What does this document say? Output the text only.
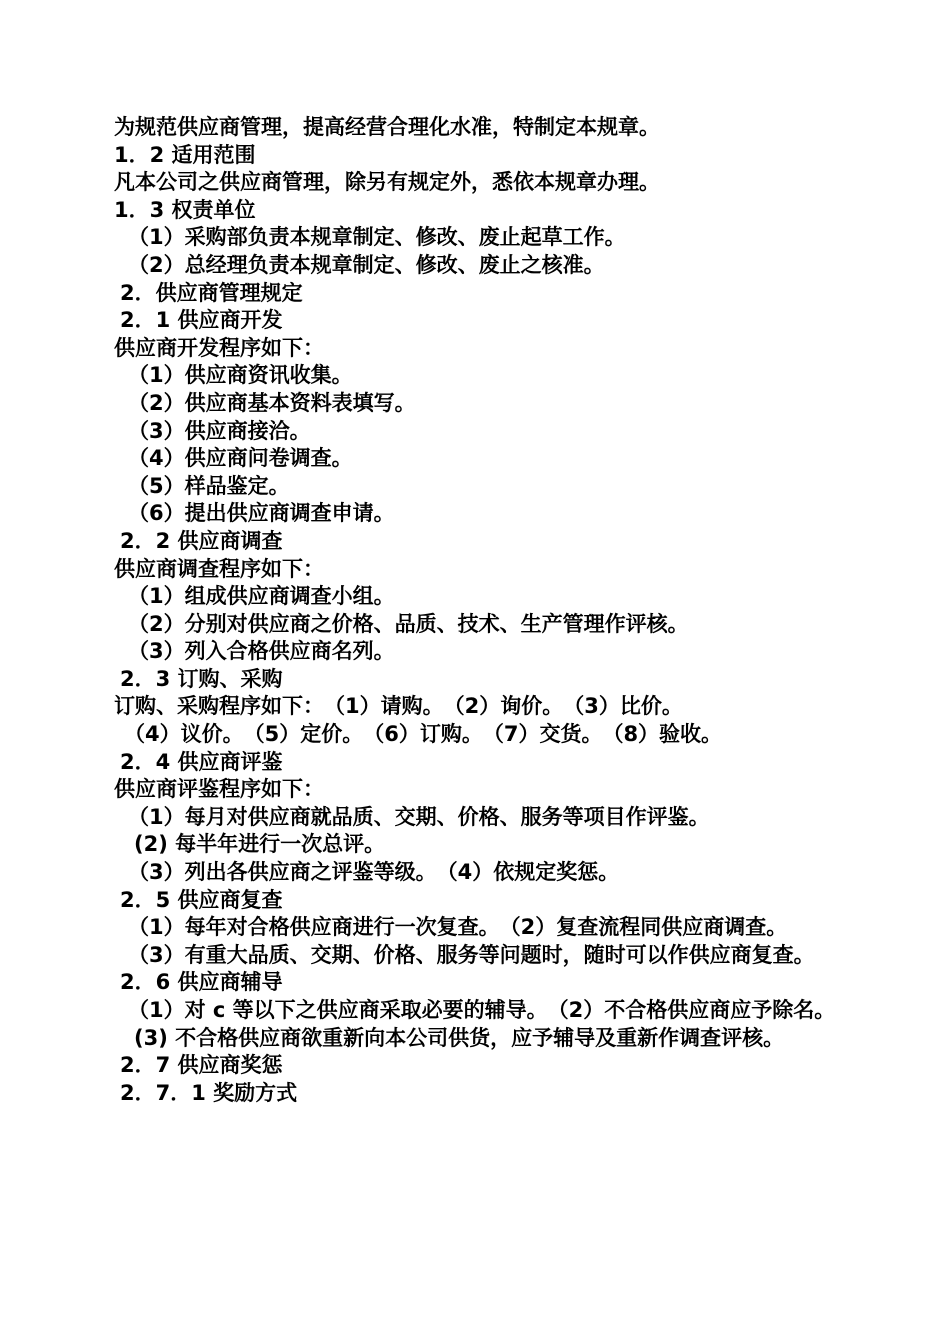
为规范供应商管理，提高经营合理化水准，特制定本规章。
1．2 适用范围
凡本公司之供应商管理，除另有规定外，悉依本规章办理。
1．3 权责单位
（1）采购部负责本规章制定、修改、废止起草工作。
（2）总经理负责本规章制定、修改、废止之核准。
2．供应商管理规定
2．1 供应商开发
供应商开发程序如下：
（1）供应商资讯收集。
（2）供应商基本资料表填写。
（3）供应商接洽。
（4）供应商问卷调查。
（5）样品鉴定。
（6）提出供应商调查申请。
2．2 供应商调查
供应商调查程序如下：
（1）组成供应商调查小组。
（2）分别对供应商之价格、品质、技术、生产管理作评核。
（3）列入合格供应商名列。
2．3 订购、采购
订购、采购程序如下：　（1）请购。　（2）询价。　（3）比价。
（4）议价。　（5）定价。　（6）订购。　（7）交货。　（8）验收。
2．4 供应商评鉴
供应商评鉴程序如下：
（1）每月对供应商就品质、交期、价格、服务等项目作评鉴。
(2) 每半年进行一次总评。
（3）列出各供应商之评鉴等级。　（4）依规定奖惩。
2．5 供应商复查
（1）每年对合格供应商进行一次复查。　（2）复查流程同供应商调查。
（3）有重大品质、交期、价格、服务等问题时，随时可以作供应商复查。
2．6 供应商辅导
（1）对 c 等以下之供应商采取必要的辅导。　（2）不合格供应商应予除名。
(3) 不合格供应商欲重新向本公司供货，应予辅导及重新作调查评核。
2．7 供应商奖惩
2．7．1 奖励方式
